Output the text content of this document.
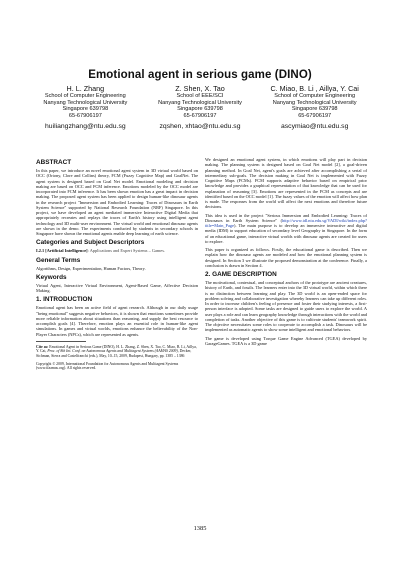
Emotional agent in serious game (DINO)
H. L. Zhang
School of Computer Engineering
Nanyang Technological University
Singapore 639798
65-67906197
huiliangzhang@ntu.edu.sg
Z. Shen, X. Tao
School of EEE/SCI
Nanyang Technological University
Singapore 639798
65-67906197
zqshen, xhtao@ntu.edu.sg
C. Miao, B. Li , Aillya, Y. Cai
School of Computer Engineering
Nanyang Technological University
Singapore 639798
65-67906197
ascymiao@ntu.edu.sg
ABSTRACT
In this paper, we introduce an novel emotional agent system in 3D virtual world based on OCC (Ortony, Clore and Collins) theory, FCM (Fuzzy Cognitive Map) and GoalNet. The agent system is designed based on Goal Net model. Emotional modeling and decision making are based on OCC and FCM inference. Emotions modeled by the OCC model are incorporated into FCM inference. It has been shown emotion has a great impact in decision making. The proposed agent system has been applied to design human-like dinosaur agents in the research project "Immersion and Embodied Learning: Traces of Dinosaurs in Earth System Science" supported by National Research Foundation (NRF) Singapore. In this project, we have developed an agent mediated immersive Interactive Digital Media that appropriately recreates and replays the traces of Earth's history using intelligent agent technology and 3D multi-user environment. The virtual world and emotional dinosaur agents are shown in the demo. The experiments conducted by students in secondary schools in Singapore have shown the emotional agents enable deep learning of earth science.
Categories and Subject Descriptors
I.2.1 [Artificial Intelligence]: Applications and Expert Systems – Games.
General Terms
Algorithms, Design, Experimentation, Human Factors, Theory.
Keywords
Virtual Agent, Interactive Virtual Environment, Agent-Based Game, Affective Decision Making.
1. INTRODUCTION
Emotional agent has been an active field of agent research. Although in our daily usage "being emotional" suggests negative behaviors, it is shown that emotions sometimes provide more reliable information about situations than reasoning, and supply the best resource to accomplish goals [4]. Therefore, emotion plays an essential role in human-like agent simulations. In games and virtual worlds, emotions enhance the believability of the Non-Player Characters (NPCs), which are represented as agents.
Cite as: Emotional Agent in Serious Game (DINO), H. L. Zhang, Z. Shen, X. Tao, C. Miao, B. Li, Aillya, Y. Cai, Proc. of 8th Int. Conf. on Autonomous Agents and Multiagent Systems (AAMAS 2009), Decker, Sichman, Sierra and Castelfranchi (eds.), May, 10–15, 2009, Budapest, Hungary, pp. 1385 – 1386
Copyright © 2009, International Foundation for Autonomous Agents and Multiagent Systems (www.ifaamas.org). All rights reserved.
We designed an emotional agent system, in which emotions will play part in decision making. The planning system is designed based on Goal Net model [2], a goal-driven planning method. In Goal Net, agent's goals are achieved after accomplishing a serial of intermediary sub-goals. The decision making in Goal Net is implemented with Fuzzy Cognitive Maps (FCMs). FCM supports adaptive behavior based on empirical prior knowledge and provides a graphical representation of that knowledge that can be used for explanation of reasoning [3]. Emotions are represented in the FCM as concepts and are identified based on the OCC model [1]. The fuzzy values of the emotion will affect how plan is made. The responses from the world will affect the next emotions and therefore future decisions.
This idea is used in the project "Serious Immersion and Embodied Learning: Traces of Dinosaurs in Earth System Science" (http://www.idl.ntu.edu.sg/VADI/wiki/index.php?title=Main_Page). The main purpose is to develop an immersive interactive and digital media (IDM) to support education of secondary level Geography in Singapore. In the form of an educational game, interactive virtual worlds with dinosaur agents are created for users to explore.
This paper is organized as follows. Firstly, the educational game is described. Then we explain how the dinosaur agents are modeled and how the emotional planning system is designed. In Section 3 we illustrate the proposed demonstration at the conference. Finally, a conclusion is drawn in Section 4.
2. GAME DESCRIPTION
The motivational, contextual, and conceptual anchors of the prototype are ancient creatures, history of Earth, and fossils. The learners enter into the 3D virtual world, within which there is no distinction between learning and play. The 3D world is an open-ended space for problem solving and collaborative investigation whereby learners can take up different roles. In order to increase children's feeling of presence and foster their studying interests, a first-person interface is adopted. Some tasks are designed to guide users to explore the world. A user plays a role and can learn geography knowledge through interactions with the world and completion of tasks. Another objective of this game is to cultivate students' teamwork spirit. The objective necessitates some roles to cooperate to accomplish a task. Dinosaurs will be implemented as automatic agents to show some intelligent and emotional behaviors.
The game is developed using Torque Game Engine Advanced (TGEA) developed by GarageGames. TGEA is a 3D game
1385
